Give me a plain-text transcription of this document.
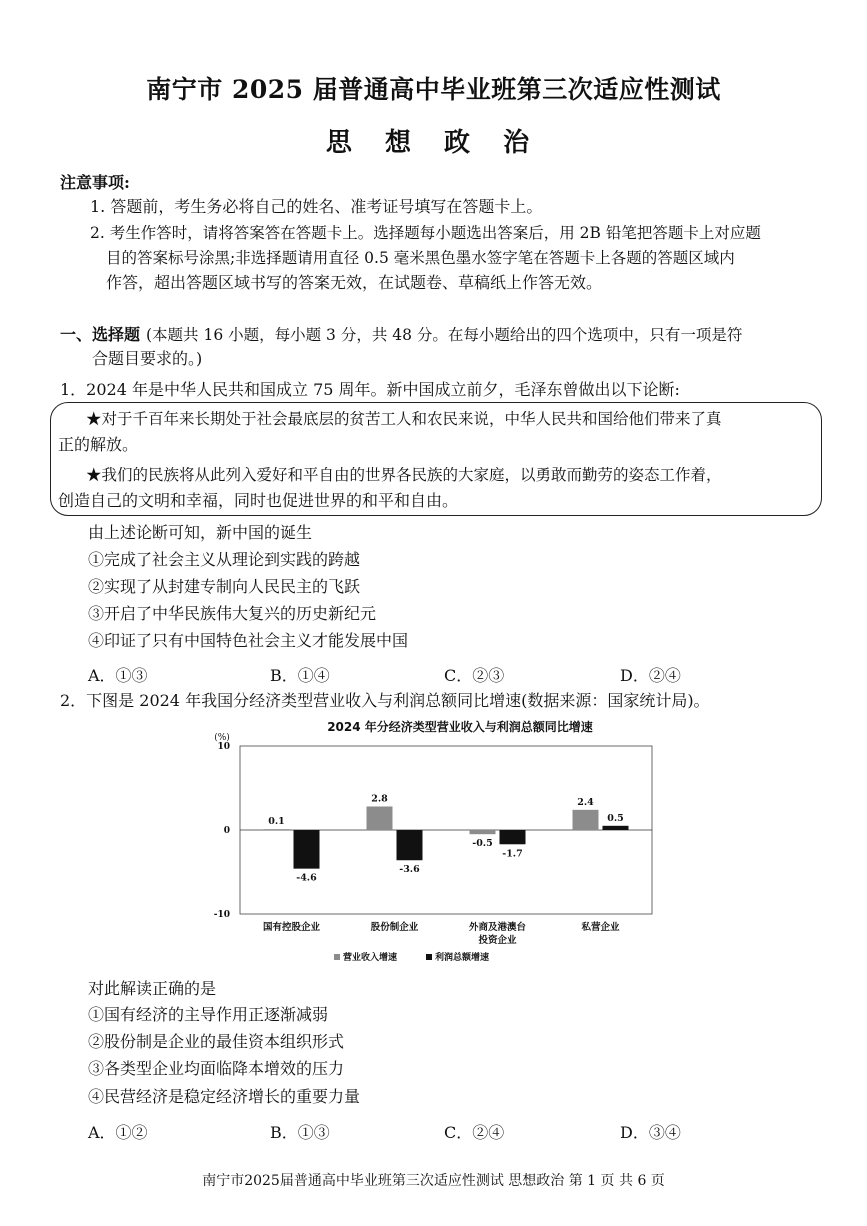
南宁市 2025 届普通高中毕业班第三次适应性测试
思 想 政 治
注意事项:
1. 答题前，考生务必将自己的姓名、准考证号填写在答题卡上。
2. 考生作答时，请将答案答在答题卡上。选择题每小题选出答案后，用 2B 铅笔把答题卡上对应题
目的答案标号涂黑;非选择题请用直径 0.5 毫米黑色墨水签字笔在答题卡上各题的答题区域内
作答，超出答题区域书写的答案无效，在试题卷、草稿纸上作答无效。
一、选择题 (本题共 16 小题，每小题 3 分，共 48 分。在每小题给出的四个选项中，只有一项是符
合题目要求的。)
1．2024 年是中华人民共和国成立 75 周年。新中国成立前夕，毛泽东曾做出以下论断:
★对于千百年来长期处于社会最底层的贫苦工人和农民来说，中华人民共和国给他们带来了真
正的解放。
★我们的民族将从此列入爱好和平自由的世界各民族的大家庭，以勇敢而勤劳的姿态工作着，
创造自己的文明和幸福，同时也促进世界的和平和自由。
由上述论断可知，新中国的诞生
①完成了社会主义从理论到实践的跨越
②实现了从封建专制向人民民主的飞跃
③开启了中华民族伟大复兴的历史新纪元
④印证了只有中国特色社会主义才能发展中国
A．①③	B．①④	C．②③	D．②④
2．下图是 2024 年我国分经济类型营业收入与利润总额同比增速(数据来源：国家统计局)。
2024 年分经济类型营业收入与利润总额同比增速
(%)
10
0
-10
0.1
2.8
-0.5
2.4
-4.6
-3.6
-1.7
0.5
国有控股企业	股份制企业	外商及港澳台
投资企业
私营企业
营业收入增速	利润总额增速
对此解读正确的是
①国有经济的主导作用正逐渐减弱
②股份制是企业的最佳资本组织形式
③各类型企业均面临降本增效的压力
④民营经济是稳定经济增长的重要力量
A．①②	B．①③	C．②④	D．③④
南宁市2025届普通高中毕业班第三次适应性测试 思想政治 第 1 页 共 6 页
